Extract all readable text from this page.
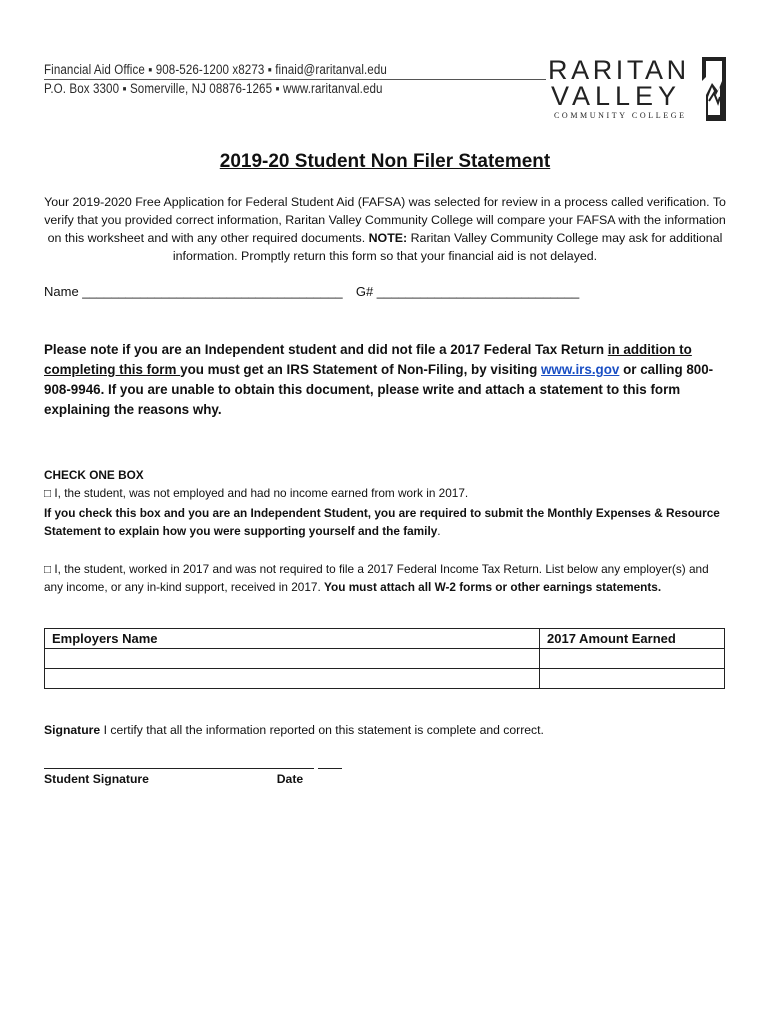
Financial Aid Office ▪ 908-526-1200 x8273 ▪ finaid@raritanval.edu
P.O. Box 3300 ▪ Somerville, NJ 08876-1265 ▪ www.raritanval.edu
RARITAN
VALLEY
COMMUNITY COLLEGE
2019-20 Student Non Filer Statement
Your 2019-2020 Free Application for Federal Student Aid (FAFSA) was selected for review in a process called verification. To verify that you provided correct information, Raritan Valley Community College will compare your FAFSA with the information on this worksheet and with any other required documents. NOTE: Raritan Valley Community College may ask for additional information. Promptly return this form so that your financial aid is not delayed.
Name ____________________________________ G# ____________________________
Please note if you are an Independent student and did not file a 2017 Federal Tax Return in addition to completing this form you must get an IRS Statement of Non-Filing, by visiting www.irs.gov or calling 800-908-9946. If you are unable to obtain this document, please write and attach a statement to this form explaining the reasons why.
CHECK ONE BOX
□ I, the student, was not employed and had no income earned from work in 2017.
If you check this box and you are an Independent Student, you are required to submit the Monthly Expenses & Resource Statement to explain how you were supporting yourself and the family.
□ I, the student, worked in 2017 and was not required to file a 2017 Federal Income Tax Return. List below any employer(s) and any income, or any in-kind support, received in 2017. You must attach all W-2 forms or other earnings statements.
Employers Name	2017 Amount Earned

Signature I certify that all the information reported on this statement is complete and correct.
Student Signature	Date
